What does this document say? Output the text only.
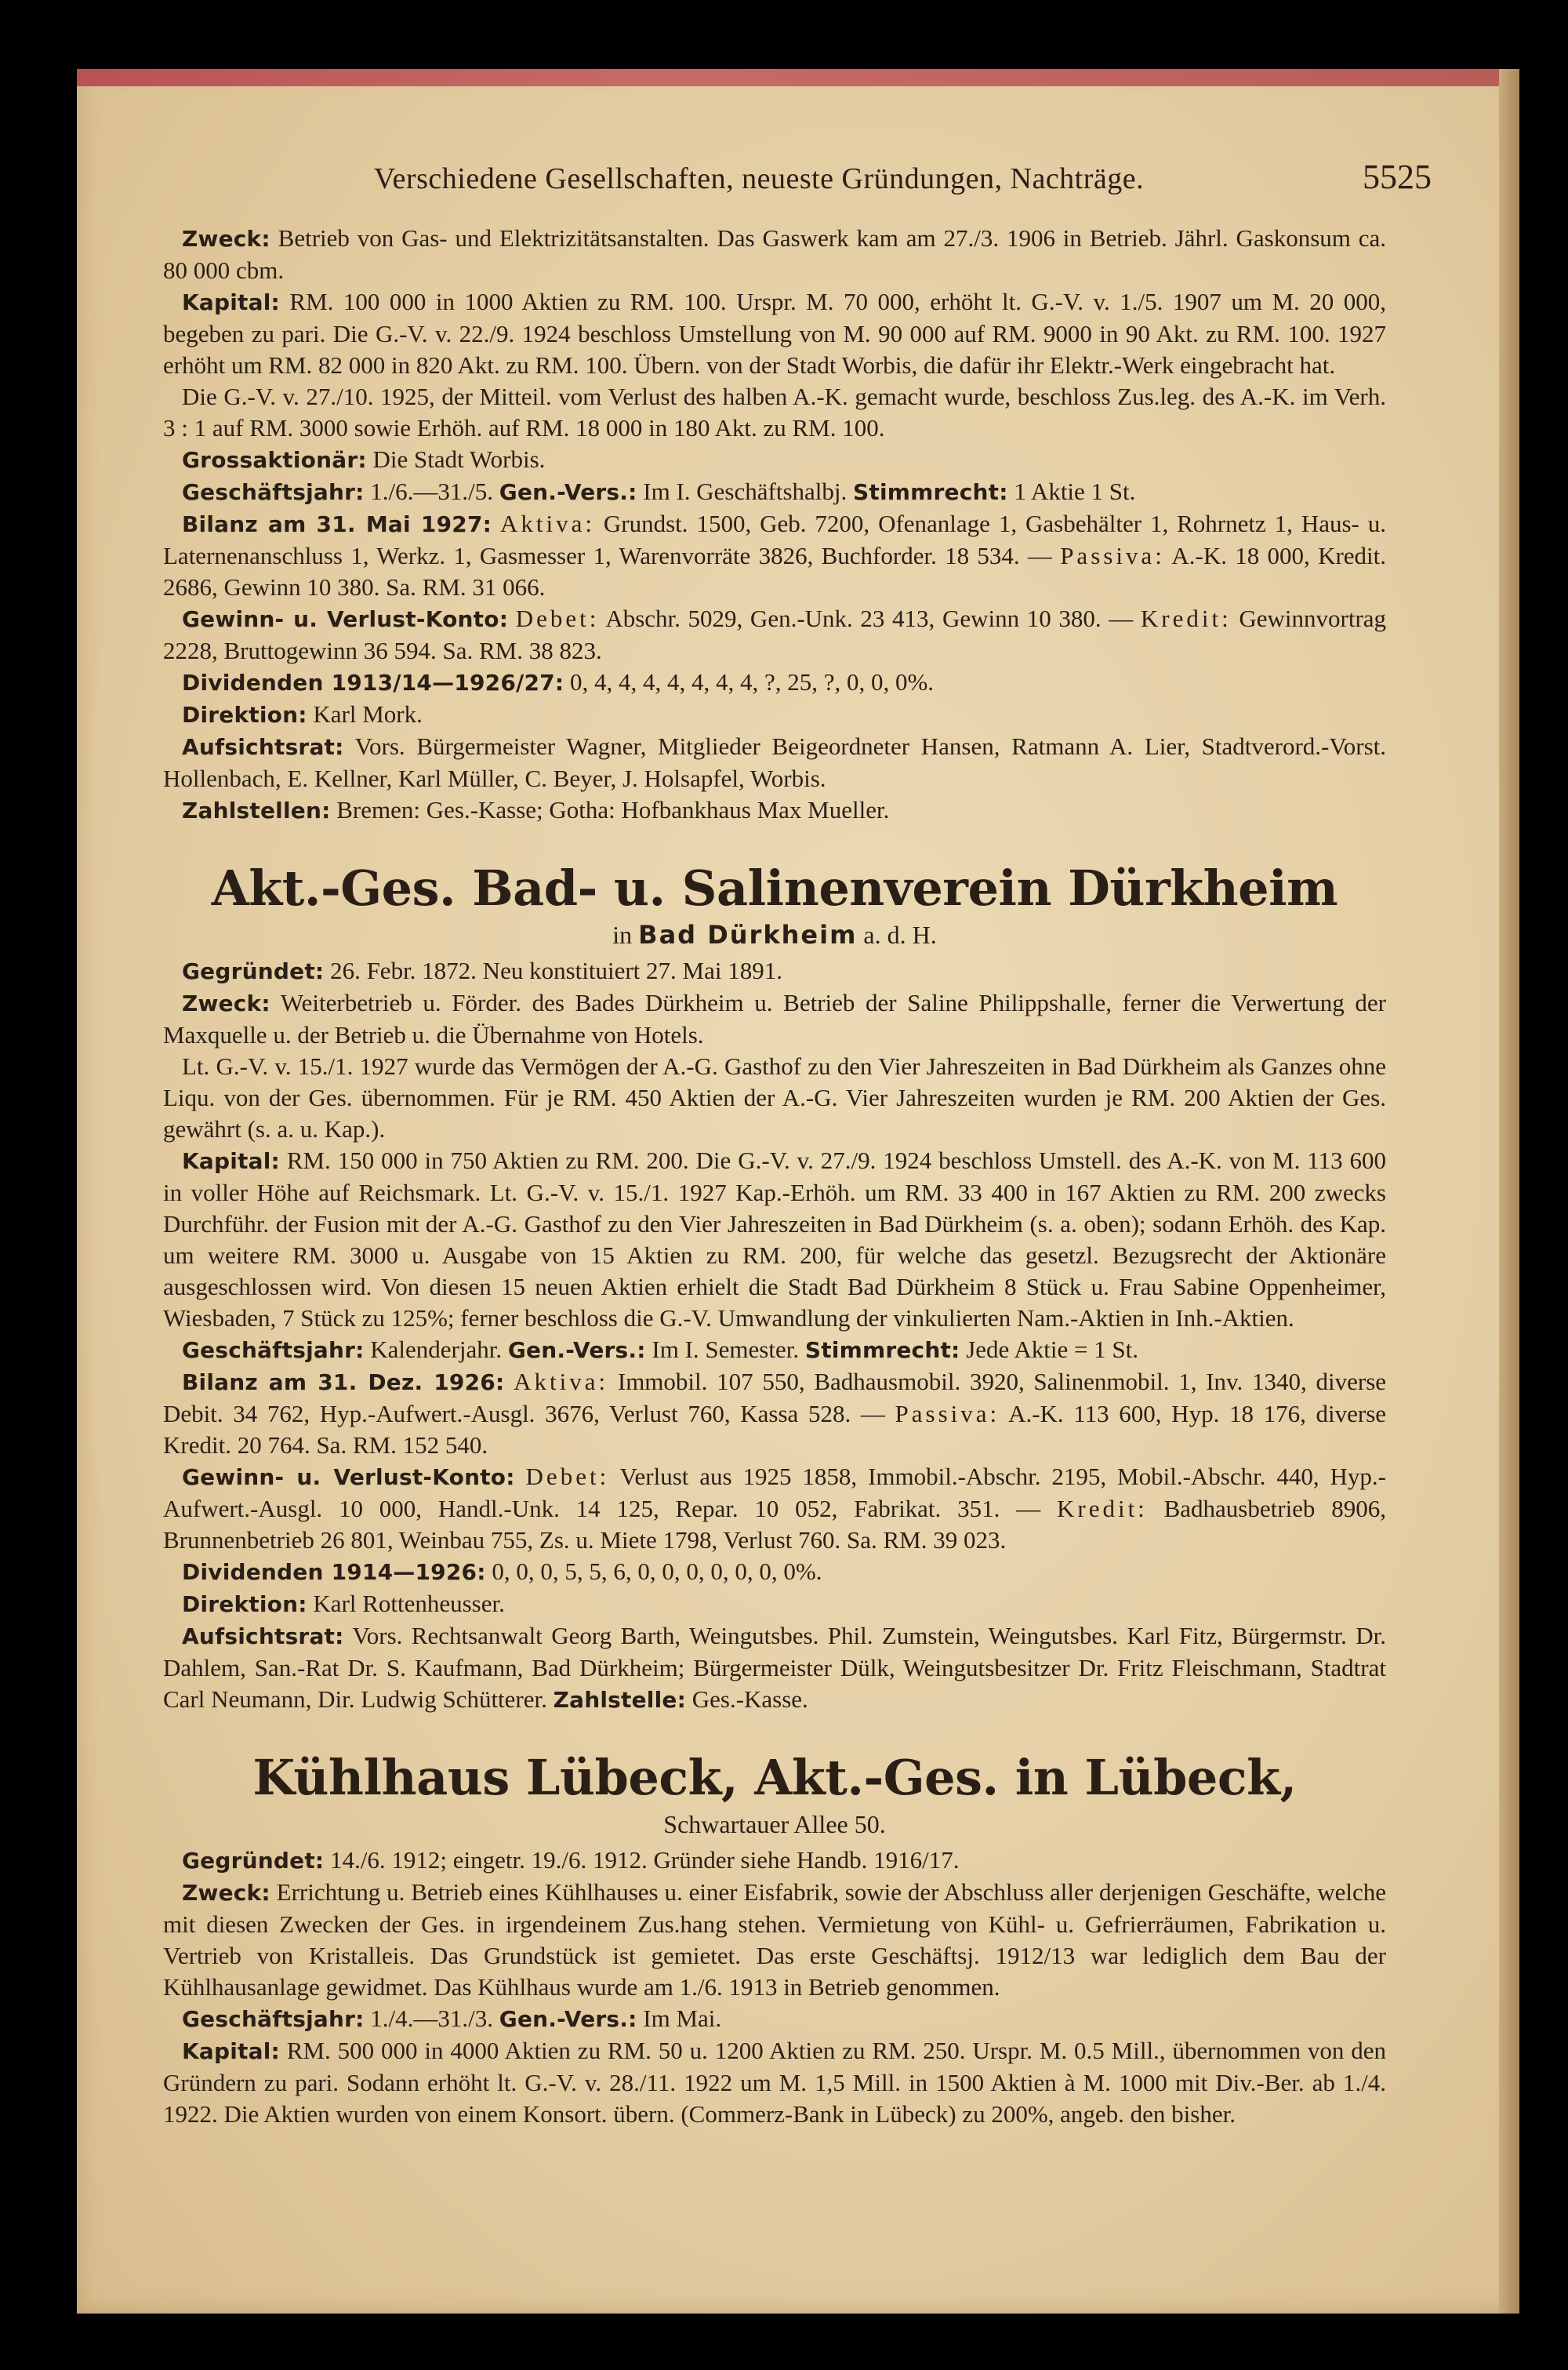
Verschiedene Gesellschaften, neueste Gründungen, Nachträge.	5525

Zweck: Betrieb von Gas- und Elektrizitätsanstalten. Das Gaswerk kam am 27./3. 1906 in Betrieb. Jährl. Gaskonsum ca. 80 000 cbm.

Kapital: RM. 100 000 in 1000 Aktien zu RM. 100. Urspr. M. 70 000, erhöht lt. G.-V. v. 1./5. 1907 um M. 20 000, begeben zu pari. Die G.-V. v. 22./9. 1924 beschloss Umstellung von M. 90 000 auf RM. 9000 in 90 Akt. zu RM. 100. 1927 erhöht um RM. 82 000 in 820 Akt. zu RM. 100. Übern. von der Stadt Worbis, die dafür ihr Elektr.-Werk eingebracht hat.

Die G.-V. v. 27./10. 1925, der Mitteil. vom Verlust des halben A.-K. gemacht wurde, beschloss Zus.leg. des A.-K. im Verh. 3 : 1 auf RM. 3000 sowie Erhöh. auf RM. 18 000 in 180 Akt. zu RM. 100.

Grossaktionär: Die Stadt Worbis.

Geschäftsjahr: 1./6.—31./5. Gen.-Vers.: Im I. Geschäftshalbj. Stimmrecht: 1 Aktie 1 St.

Bilanz am 31. Mai 1927: Aktiva: Grundst. 1500, Geb. 7200, Ofenanlage 1, Gasbehälter 1, Rohrnetz 1, Haus- u. Laternenanschluss 1, Werkz. 1, Gasmesser 1, Warenvorräte 3826, Buchforder. 18 534. — Passiva: A.-K. 18 000, Kredit. 2686, Gewinn 10 380. Sa. RM. 31 066.

Gewinn- u. Verlust-Konto: Debet: Abschr. 5029, Gen.-Unk. 23 413, Gewinn 10 380. — Kredit: Gewinnvortrag 2228, Bruttogewinn 36 594. Sa. RM. 38 823.

Dividenden 1913/14—1926/27: 0, 4, 4, 4, 4, 4, 4, 4, ?, 25, ?, 0, 0, 0%.

Direktion: Karl Mork.

Aufsichtsrat: Vors. Bürgermeister Wagner, Mitglieder Beigeordneter Hansen, Ratmann A. Lier, Stadtverord.-Vorst. Hollenbach, E. Kellner, Karl Müller, C. Beyer, J. Holsapfel, Worbis.

Zahlstellen: Bremen: Ges.-Kasse; Gotha: Hofbankhaus Max Mueller.

Akt.-Ges. Bad- u. Salinenverein Dürkheim
in Bad Dürkheim a. d. H.

Gegründet: 26. Febr. 1872. Neu konstituiert 27. Mai 1891.

Zweck: Weiterbetrieb u. Förder. des Bades Dürkheim u. Betrieb der Saline Philippshalle, ferner die Verwertung der Maxquelle u. der Betrieb u. die Übernahme von Hotels.

Lt. G.-V. v. 15./1. 1927 wurde das Vermögen der A.-G. Gasthof zu den Vier Jahreszeiten in Bad Dürkheim als Ganzes ohne Liqu. von der Ges. übernommen. Für je RM. 450 Aktien der A.-G. Vier Jahreszeiten wurden je RM. 200 Aktien der Ges. gewährt (s. a. u. Kap.).

Kapital: RM. 150 000 in 750 Aktien zu RM. 200. Die G.-V. v. 27./9. 1924 beschloss Umstell. des A.-K. von M. 113 600 in voller Höhe auf Reichsmark. Lt. G.-V. v. 15./1. 1927 Kap.-Erhöh. um RM. 33 400 in 167 Aktien zu RM. 200 zwecks Durchführ. der Fusion mit der A.-G. Gasthof zu den Vier Jahreszeiten in Bad Dürkheim (s. a. oben); sodann Erhöh. des Kap. um weitere RM. 3000 u. Ausgabe von 15 Aktien zu RM. 200, für welche das gesetzl. Bezugsrecht der Aktionäre ausgeschlossen wird. Von diesen 15 neuen Aktien erhielt die Stadt Bad Dürkheim 8 Stück u. Frau Sabine Oppenheimer, Wiesbaden, 7 Stück zu 125%; ferner beschloss die G.-V. Umwandlung der vinkulierten Nam.-Aktien in Inh.-Aktien.

Geschäftsjahr: Kalenderjahr. Gen.-Vers.: Im I. Semester. Stimmrecht: Jede Aktie = 1 St.

Bilanz am 31. Dez. 1926: Aktiva: Immobil. 107 550, Badhausmobil. 3920, Salinenmobil. 1, Inv. 1340, diverse Debit. 34 762, Hyp.-Aufwert.-Ausgl. 3676, Verlust 760, Kassa 528. — Passiva: A.-K. 113 600, Hyp. 18 176, diverse Kredit. 20 764. Sa. RM. 152 540.

Gewinn- u. Verlust-Konto: Debet: Verlust aus 1925 1858, Immobil.-Abschr. 2195, Mobil.-Abschr. 440, Hyp.-Aufwert.-Ausgl. 10 000, Handl.-Unk. 14 125, Repar. 10 052, Fabrikat. 351. — Kredit: Badhausbetrieb 8906, Brunnenbetrieb 26 801, Weinbau 755, Zs. u. Miete 1798, Verlust 760. Sa. RM. 39 023.

Dividenden 1914—1926: 0, 0, 0, 5, 5, 6, 0, 0, 0, 0, 0, 0, 0%.

Direktion: Karl Rottenheusser.

Aufsichtsrat: Vors. Rechtsanwalt Georg Barth, Weingutsbes. Phil. Zumstein, Weingutsbes. Karl Fitz, Bürgermstr. Dr. Dahlem, San.-Rat Dr. S. Kaufmann, Bad Dürkheim; Bürgermeister Dülk, Weingutsbesitzer Dr. Fritz Fleischmann, Stadtrat Carl Neumann, Dir. Ludwig Schütterer. Zahlstelle: Ges.-Kasse.

Kühlhaus Lübeck, Akt.-Ges. in Lübeck,
Schwartauer Allee 50.

Gegründet: 14./6. 1912; eingetr. 19./6. 1912. Gründer siehe Handb. 1916/17.

Zweck: Errichtung u. Betrieb eines Kühlhauses u. einer Eisfabrik, sowie der Abschluss aller derjenigen Geschäfte, welche mit diesen Zwecken der Ges. in irgendeinem Zus.hang stehen. Vermietung von Kühl- u. Gefrierräumen, Fabrikation u. Vertrieb von Kristalleis. Das Grundstück ist gemietet. Das erste Geschäftsj. 1912/13 war lediglich dem Bau der Kühlhausanlage gewidmet. Das Kühlhaus wurde am 1./6. 1913 in Betrieb genommen.

Geschäftsjahr: 1./4.—31./3. Gen.-Vers.: Im Mai.

Kapital: RM. 500 000 in 4000 Aktien zu RM. 50 u. 1200 Aktien zu RM. 250. Urspr. M. 0.5 Mill., übernommen von den Gründern zu pari. Sodann erhöht lt. G.-V. v. 28./11. 1922 um M. 1,5 Mill. in 1500 Aktien à M. 1000 mit Div.-Ber. ab 1./4. 1922. Die Aktien wurden von einem Konsort. übern. (Commerz-Bank in Lübeck) zu 200%, angeb. den bisher.
